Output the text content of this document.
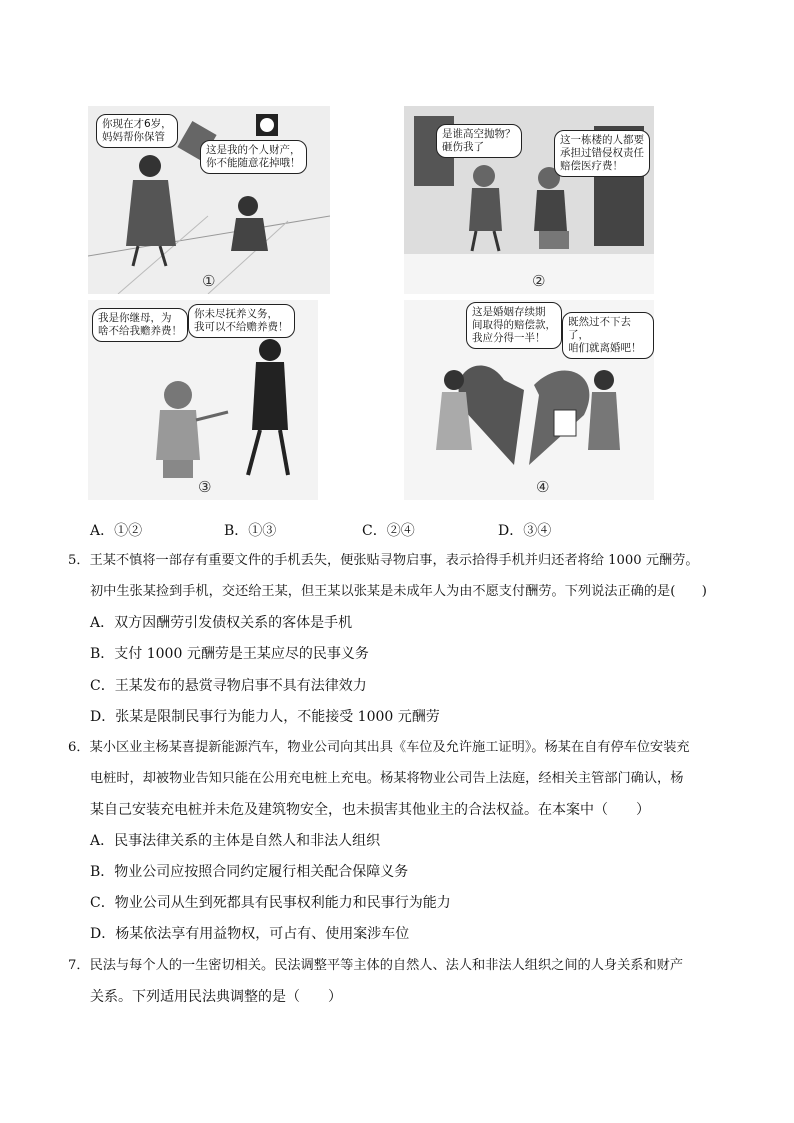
你现在才6岁，
妈妈帮你保管
这是我的个人财产，
你不能随意花掉哦！
①
是谁高空抛物？
砸伤我了
这一栋楼的人都要
承担过错侵权责任
赔偿医疗费！
②
我是你继母，为
啥不给我赡养费！
你未尽抚养义务，
我可以不给赡养费！
③
这是婚姻存续期
间取得的赔偿款，
我应分得一半！
既然过不下去了，
咱们就离婚吧！
④
A．①②	B．①③	C．②④	D．③④
5．王某不慎将一部存有重要文件的手机丢失，便张贴寻物启事，表示拾得手机并归还者将给 1000 元酬劳。
初中生张某捡到手机，交还给王某，但王某以张某是未成年人为由不愿支付酬劳。下列说法正确的是(　　)
A．双方因酬劳引发债权关系的客体是手机
B．支付 1000 元酬劳是王某应尽的民事义务
C．王某发布的悬赏寻物启事不具有法律效力
D．张某是限制民事行为能力人，不能接受 1000 元酬劳
6．某小区业主杨某喜提新能源汽车，物业公司向其出具《车位及允许施工证明》。杨某在自有停车位安装充
电桩时，却被物业告知只能在公用充电桩上充电。杨某将物业公司告上法庭，经相关主管部门确认，杨
某自己安装充电桩并未危及建筑物安全，也未损害其他业主的合法权益。在本案中（　　）
A．民事法律关系的主体是自然人和非法人组织
B．物业公司应按照合同约定履行相关配合保障义务
C．物业公司从生到死都具有民事权利能力和民事行为能力
D．杨某依法享有用益物权，可占有、使用案涉车位
7．民法与每个人的一生密切相关。民法调整平等主体的自然人、法人和非法人组织之间的人身关系和财产
关系。下列适用民法典调整的是（　　）
